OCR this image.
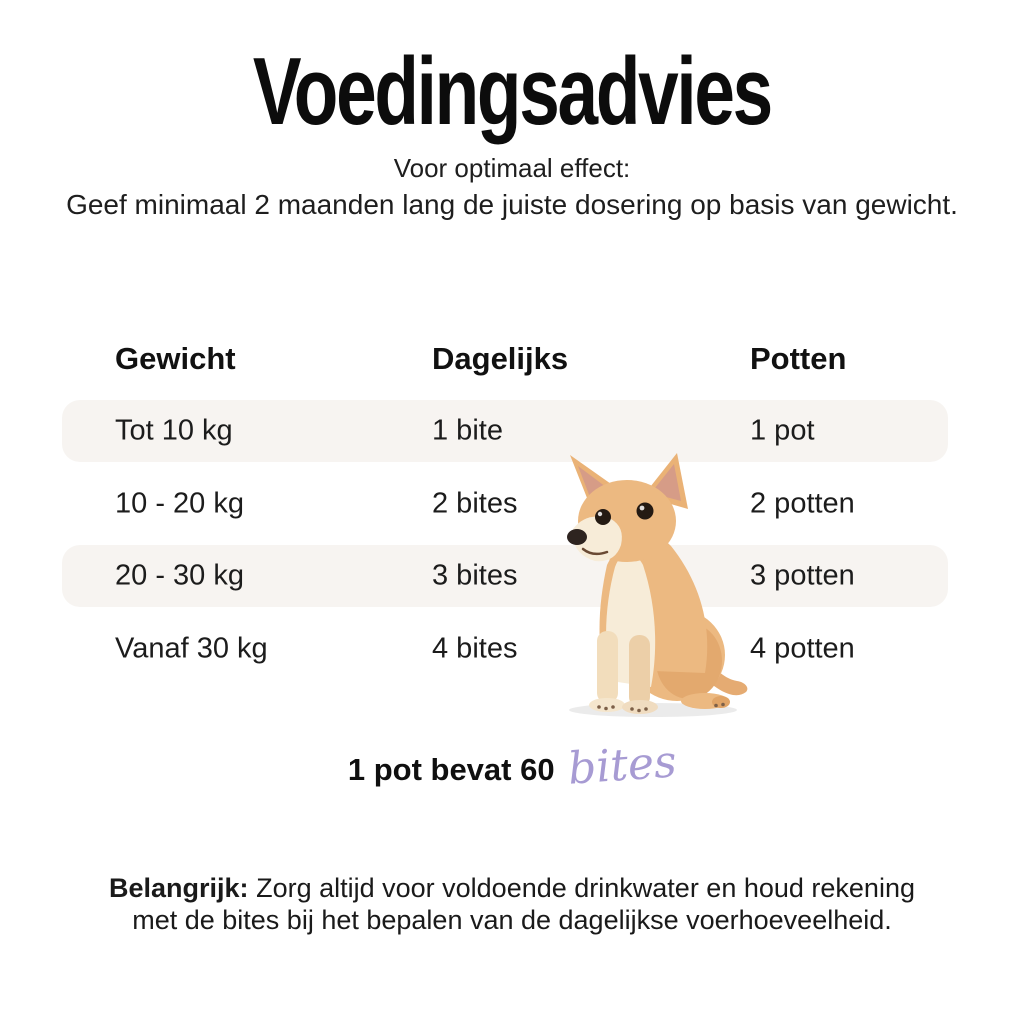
Voedingsadvies
Voor optimaal effect:
Geef minimaal 2 maanden lang de juiste dosering op basis van gewicht.
Gewicht	Dagelijks	Potten
Tot 10 kg	1 bite	1 pot
10 - 20 kg	2 bites	2 potten
20 - 30 kg	3 bites	3 potten
Vanaf 30 kg	4 bites	4 potten
1 pot bevat 60 bites
Belangrijk: Zorg altijd voor voldoende drinkwater en houd rekening
met de bites bij het bepalen van de dagelijkse voerhoeveelheid.
